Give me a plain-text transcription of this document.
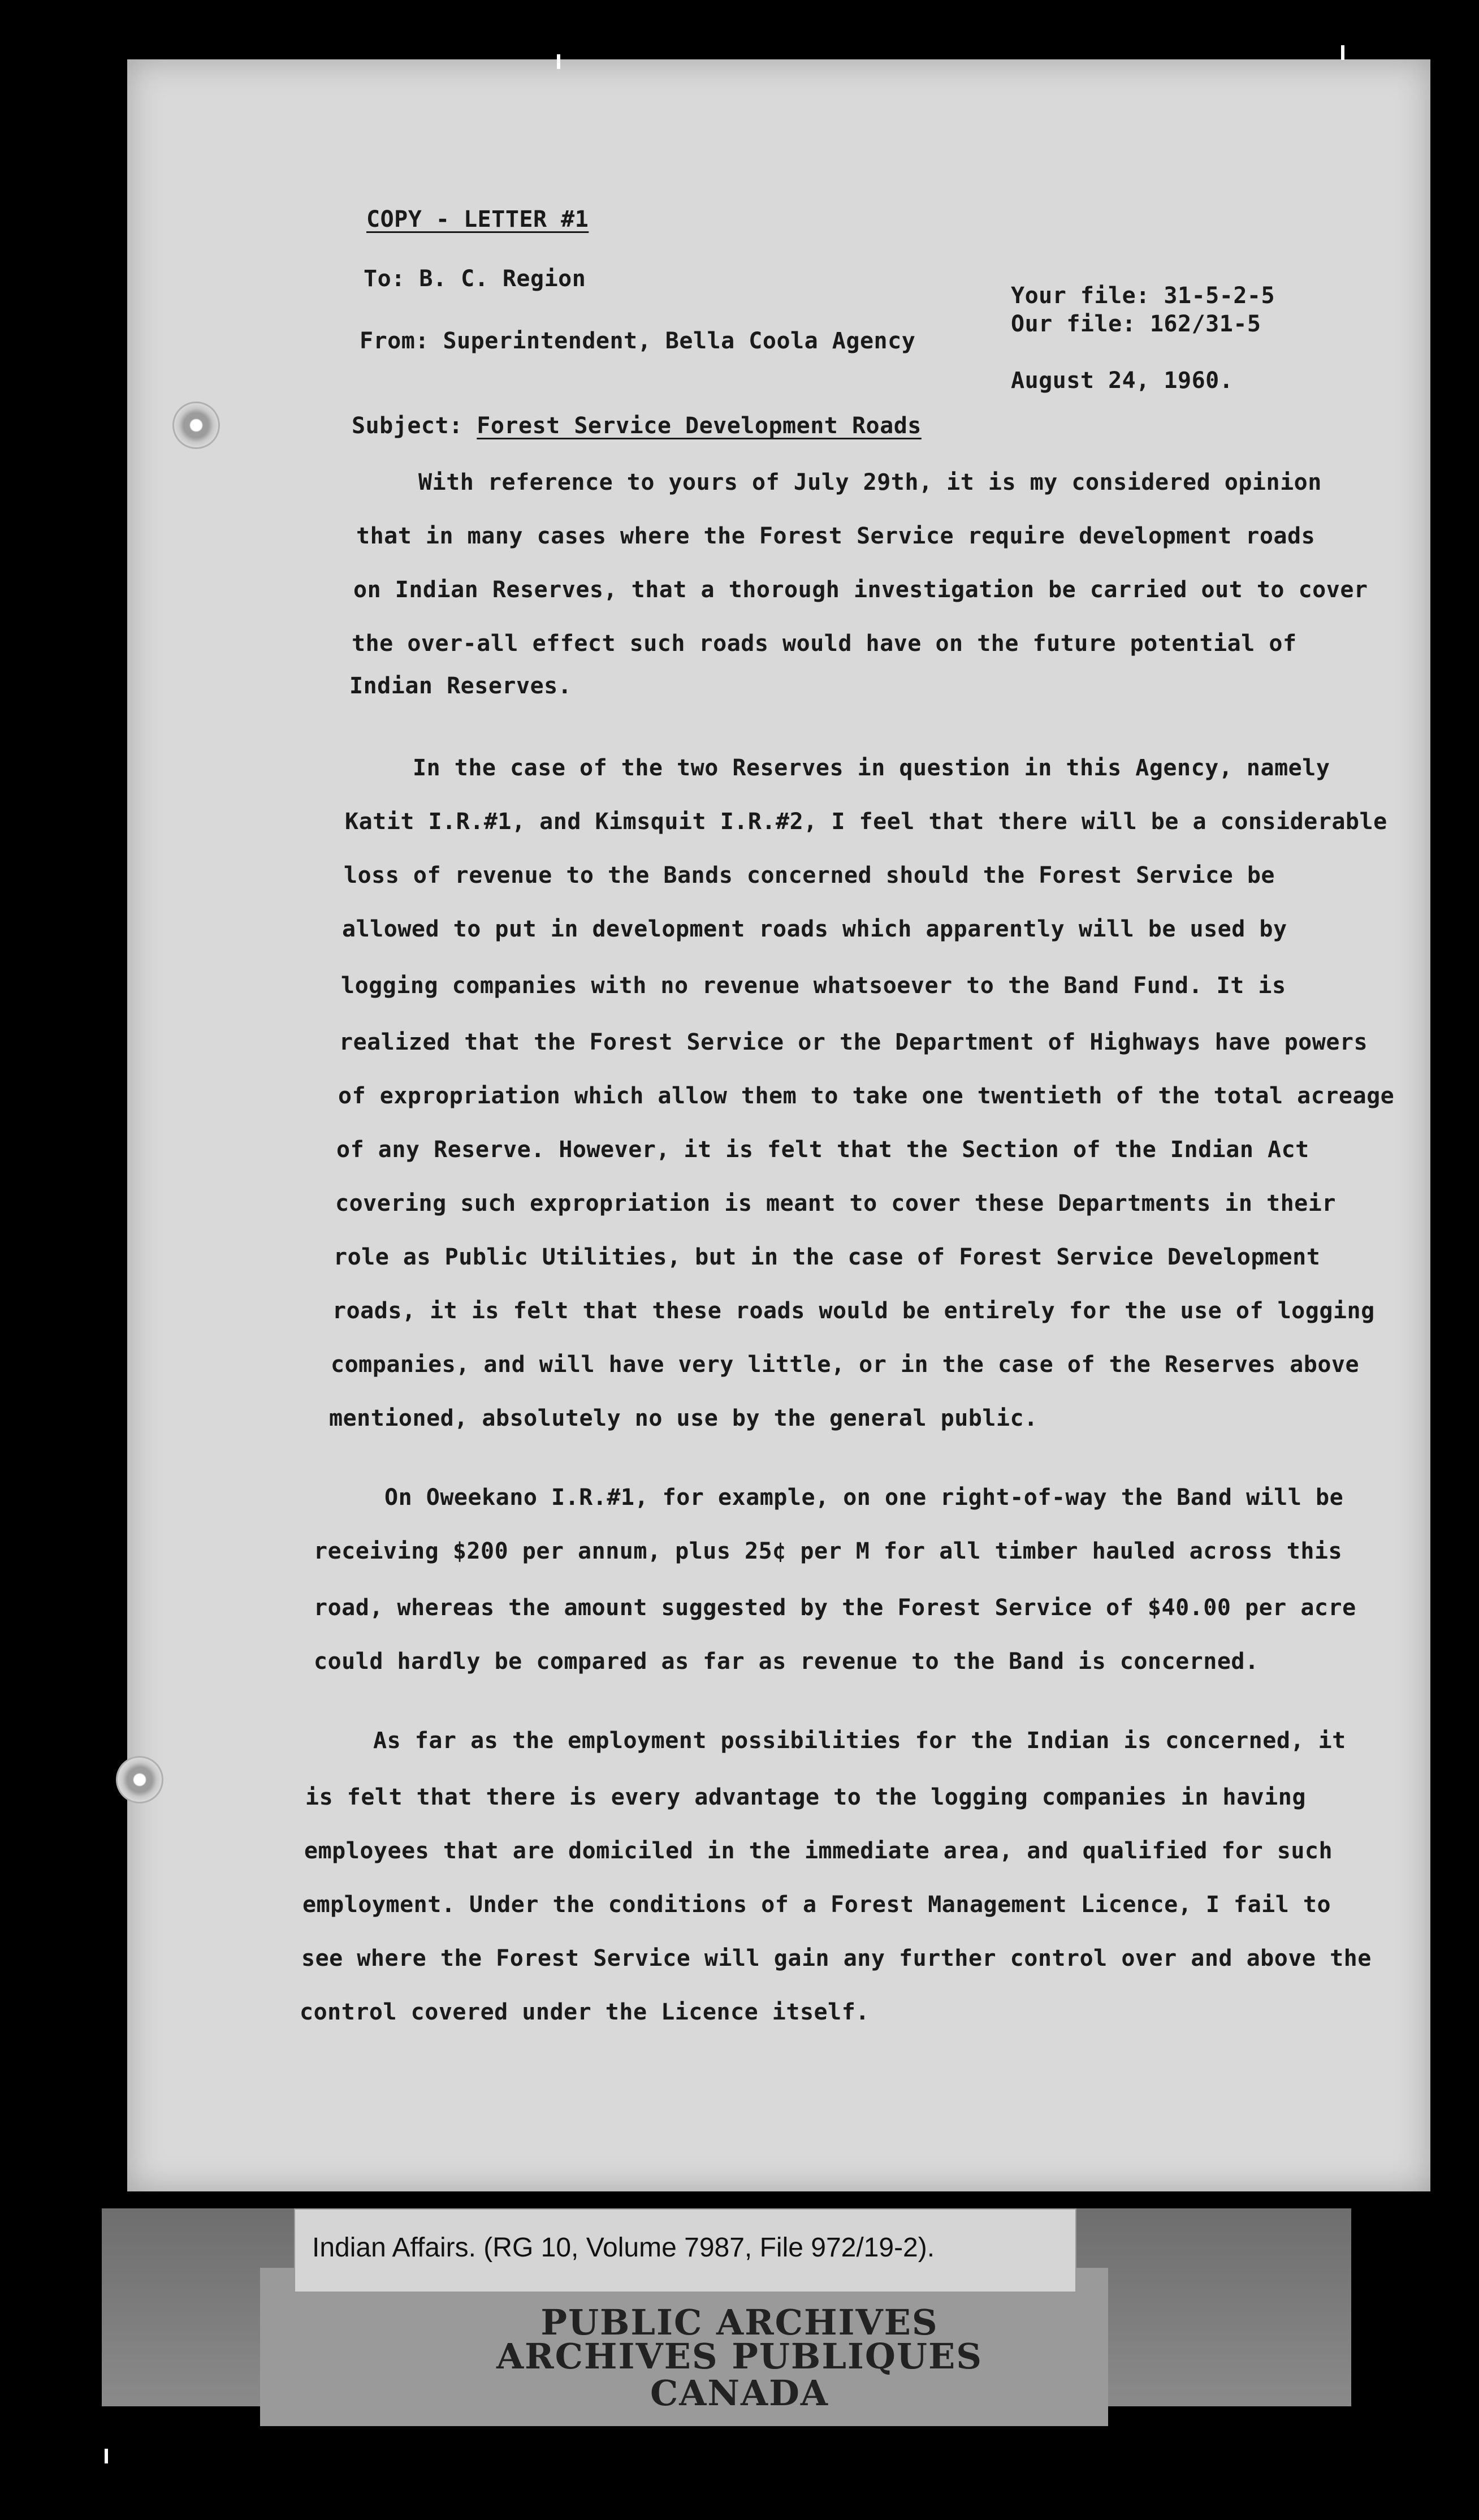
COPY - LETTER #1
To: B. C. Region
From: Superintendent, Bella Coola Agency
Your file: 31-5-2-5
Our file: 162/31-5
August 24, 1960.
Subject: Forest Service Development Roads
With reference to yours of July 29th, it is my considered opinion
that in many cases where the Forest Service require development roads
on Indian Reserves, that a thorough investigation be carried out to cover
the over-all effect such roads would have on the future potential of
Indian Reserves.
In the case of the two Reserves in question in this Agency, namely
Katit I.R.#1, and Kimsquit I.R.#2, I feel that there will be a considerable
loss of revenue to the Bands concerned should the Forest Service be
allowed to put in development roads which apparently will be used by
logging companies with no revenue whatsoever to the Band Fund. It is
realized that the Forest Service or the Department of Highways have powers
of expropriation which allow them to take one twentieth of the total acreage
of any Reserve. However, it is felt that the Section of the Indian Act
covering such expropriation is meant to cover these Departments in their
role as Public Utilities, but in the case of Forest Service Development
roads, it is felt that these roads would be entirely for the use of logging
companies, and will have very little, or in the case of the Reserves above
mentioned, absolutely no use by the general public.
On Oweekano I.R.#1, for example, on one right-of-way the Band will be
receiving $200 per annum, plus 25¢ per M for all timber hauled across this
road, whereas the amount suggested by the Forest Service of $40.00 per acre
could hardly be compared as far as revenue to the Band is concerned.
As far as the employment possibilities for the Indian is concerned, it
is felt that there is every advantage to the logging companies in having
employees that are domiciled in the immediate area, and qualified for such
employment. Under the conditions of a Forest Management Licence, I fail to
see where the Forest Service will gain any further control over and above the
control covered under the Licence itself.
Indian Affairs. (RG 10, Volume 7987, File 972/19-2).
PUBLIC ARCHIVES
ARCHIVES PUBLIQUES
CANADA
